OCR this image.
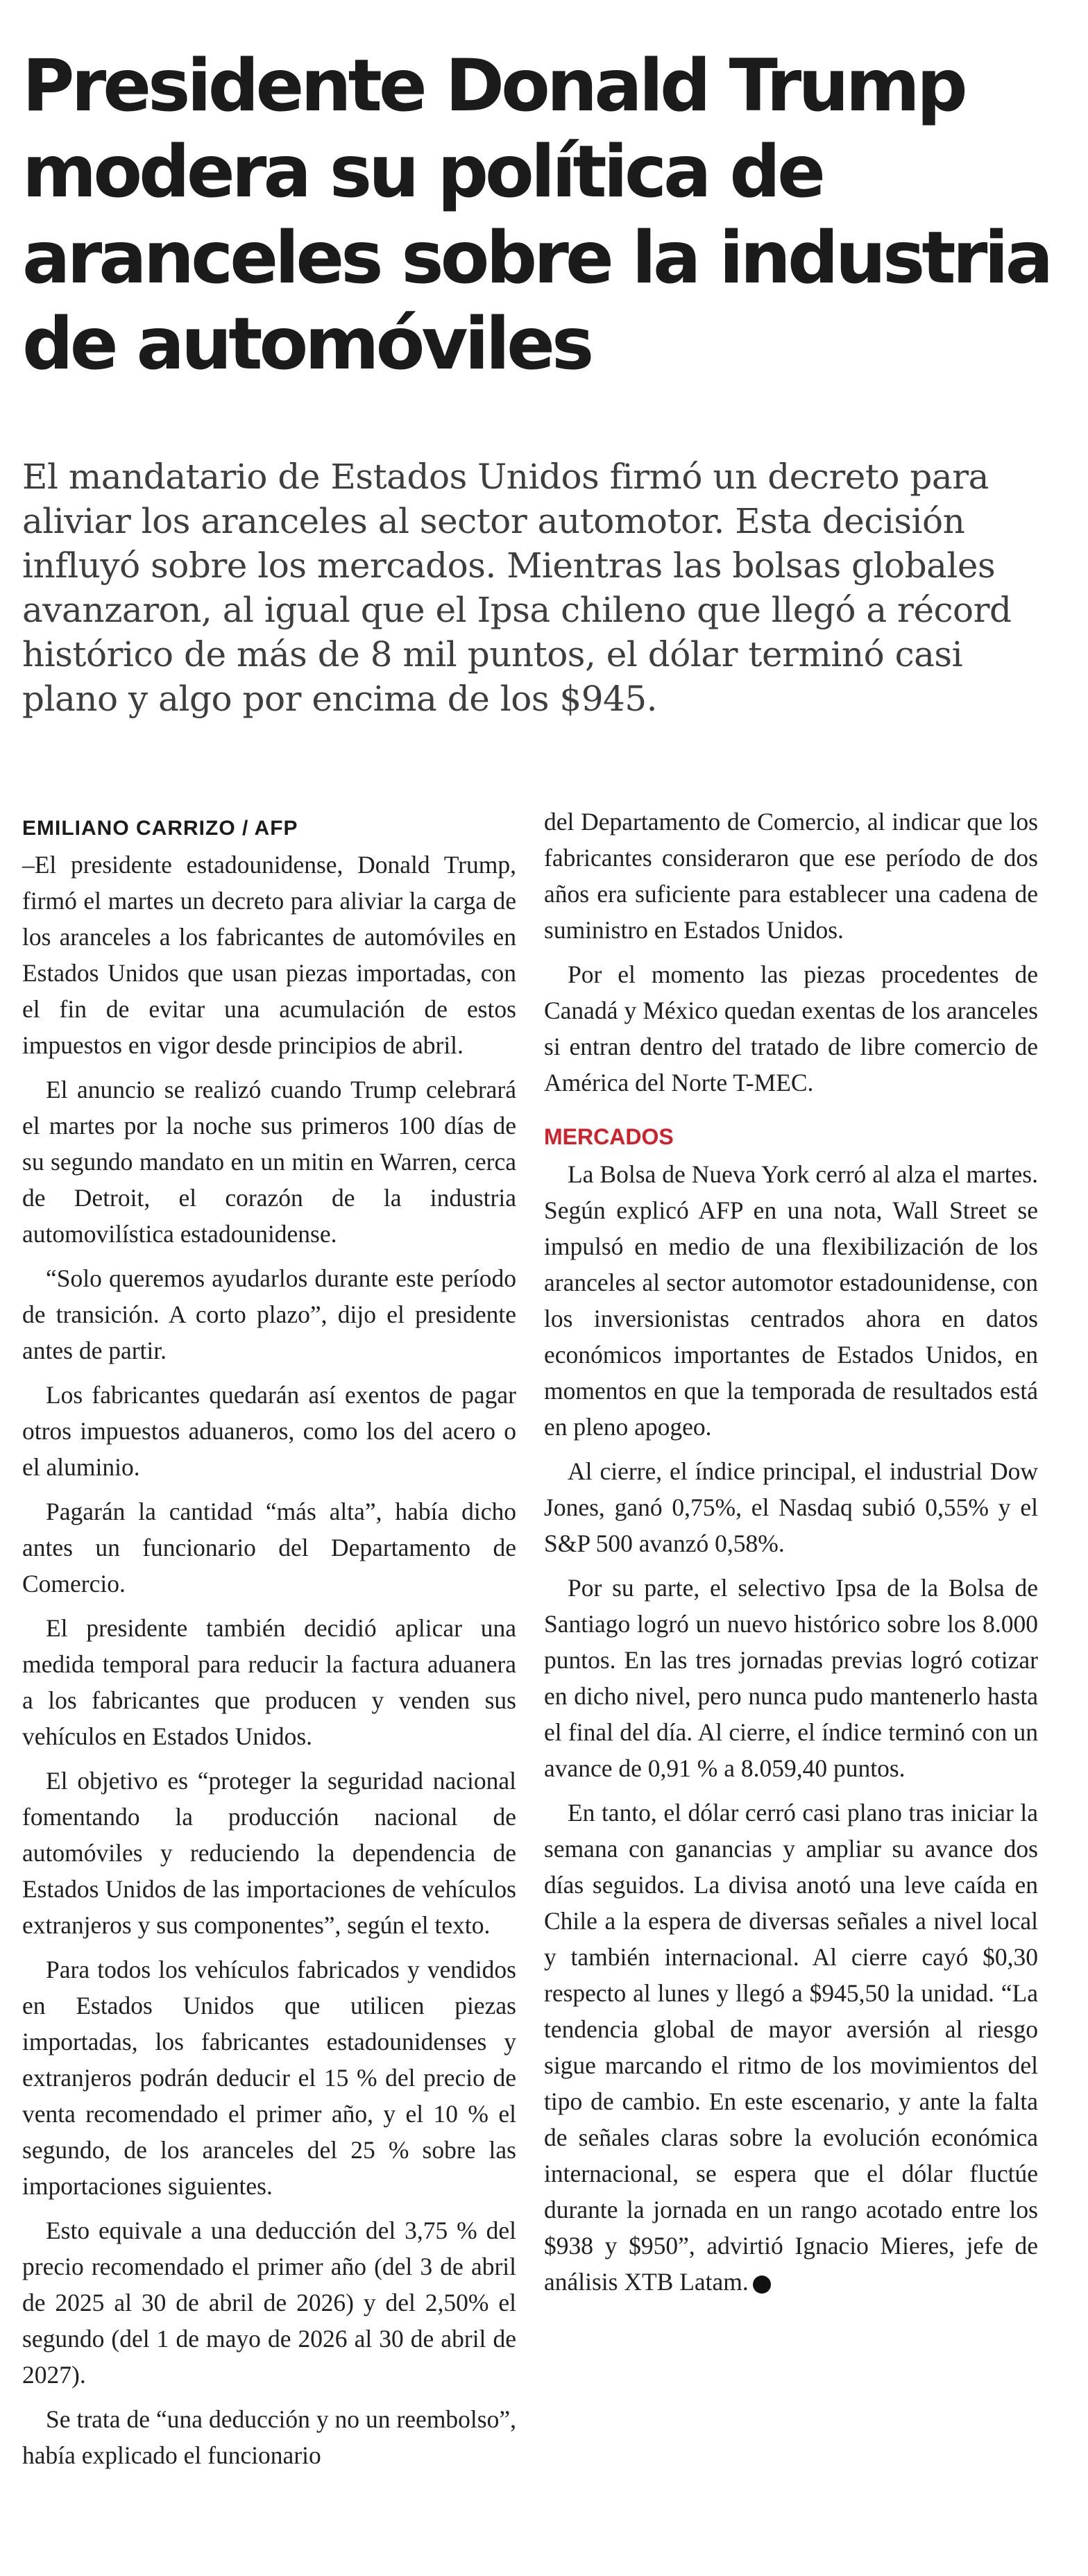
Presidente Donald Trump modera su política de aranceles sobre la industria de automóviles

El mandatario de Estados Unidos firmó un decreto para aliviar los aranceles al sector automotor. Esta decisión influyó sobre los mercados. Mientras las bolsas globales avanzaron, al igual que el Ipsa chileno que llegó a récord histórico de más de 8 mil puntos, el dólar terminó casi plano y algo por encima de los $945.

EMILIANO CARRIZO / AFP

–El presidente estadounidense, Donald Trump, firmó el martes un decreto para aliviar la carga de los aranceles a los fabricantes de automóviles en Estados Unidos que usan piezas importadas, con el fin de evitar una acumulación de estos impuestos en vigor desde principios de abril.

El anuncio se realizó cuando Trump celebrará el martes por la noche sus primeros 100 días de su segundo mandato en un mitin en Warren, cerca de Detroit, el corazón de la industria automovilística estadounidense.

“Solo queremos ayudarlos durante este período de transición. A corto plazo”, dijo el presidente antes de partir.

Los fabricantes quedarán así exentos de pagar otros impuestos aduaneros, como los del acero o el aluminio.

Pagarán la cantidad “más alta”, había dicho antes un funcionario del Departamento de Comercio.

El presidente también decidió aplicar una medida temporal para reducir la factura aduanera a los fabricantes que producen y venden sus vehículos en Estados Unidos.

El objetivo es “proteger la seguridad nacional fomentando la producción nacional de automóviles y reduciendo la dependencia de Estados Unidos de las importaciones de vehículos extranjeros y sus componentes”, según el texto.

Para todos los vehículos fabricados y vendidos en Estados Unidos que utilicen piezas importadas, los fabricantes estadounidenses y extranjeros podrán deducir el 15 % del precio de venta recomendado el primer año, y el 10 % el segundo, de los aranceles del 25 % sobre las importaciones siguientes.

Esto equivale a una deducción del 3,75 % del precio recomendado el primer año (del 3 de abril de 2025 al 30 de abril de 2026) y del 2,50% el segundo (del 1 de mayo de 2026 al 30 de abril de 2027).

Se trata de “una deducción y no un reembolso”, había explicado el funcionario

del Departamento de Comercio, al indicar que los fabricantes consideraron que ese período de dos años era suficiente para establecer una cadena de suministro en Estados Unidos.

Por el momento las piezas procedentes de Canadá y México quedan exentas de los aranceles si entran dentro del tratado de libre comercio de América del Norte T-MEC.

MERCADOS

La Bolsa de Nueva York cerró al alza el martes. Según explicó AFP en una nota, Wall Street se impulsó en medio de una flexibilización de los aranceles al sector automotor estadounidense, con los inversionistas centrados ahora en datos económicos importantes de Estados Unidos, en momentos en que la temporada de resultados está en pleno apogeo.

Al cierre, el índice principal, el industrial Dow Jones, ganó 0,75%, el Nasdaq subió 0,55% y el S&P 500 avanzó 0,58%.

Por su parte, el selectivo Ipsa de la Bolsa de Santiago logró un nuevo histórico sobre los 8.000 puntos. En las tres jornadas previas logró cotizar en dicho nivel, pero nunca pudo mantenerlo hasta el final del día. Al cierre, el índice terminó con un avance de 0,91 % a 8.059,40 puntos.

En tanto, el dólar cerró casi plano tras iniciar la semana con ganancias y ampliar su avance dos días seguidos. La divisa anotó una leve caída en Chile a la espera de diversas señales a nivel local y también internacional. Al cierre cayó $0,30 respecto al lunes y llegó a $945,50 la unidad. “La tendencia global de mayor aversión al riesgo sigue marcando el ritmo de los movimientos del tipo de cambio. En este escenario, y ante la falta de señales claras sobre la evolución económica internacional, se espera que el dólar fluctúe durante la jornada en un rango acotado entre los $938 y $950”, advirtió Ignacio Mieres, jefe de análisis XTB Latam. P
